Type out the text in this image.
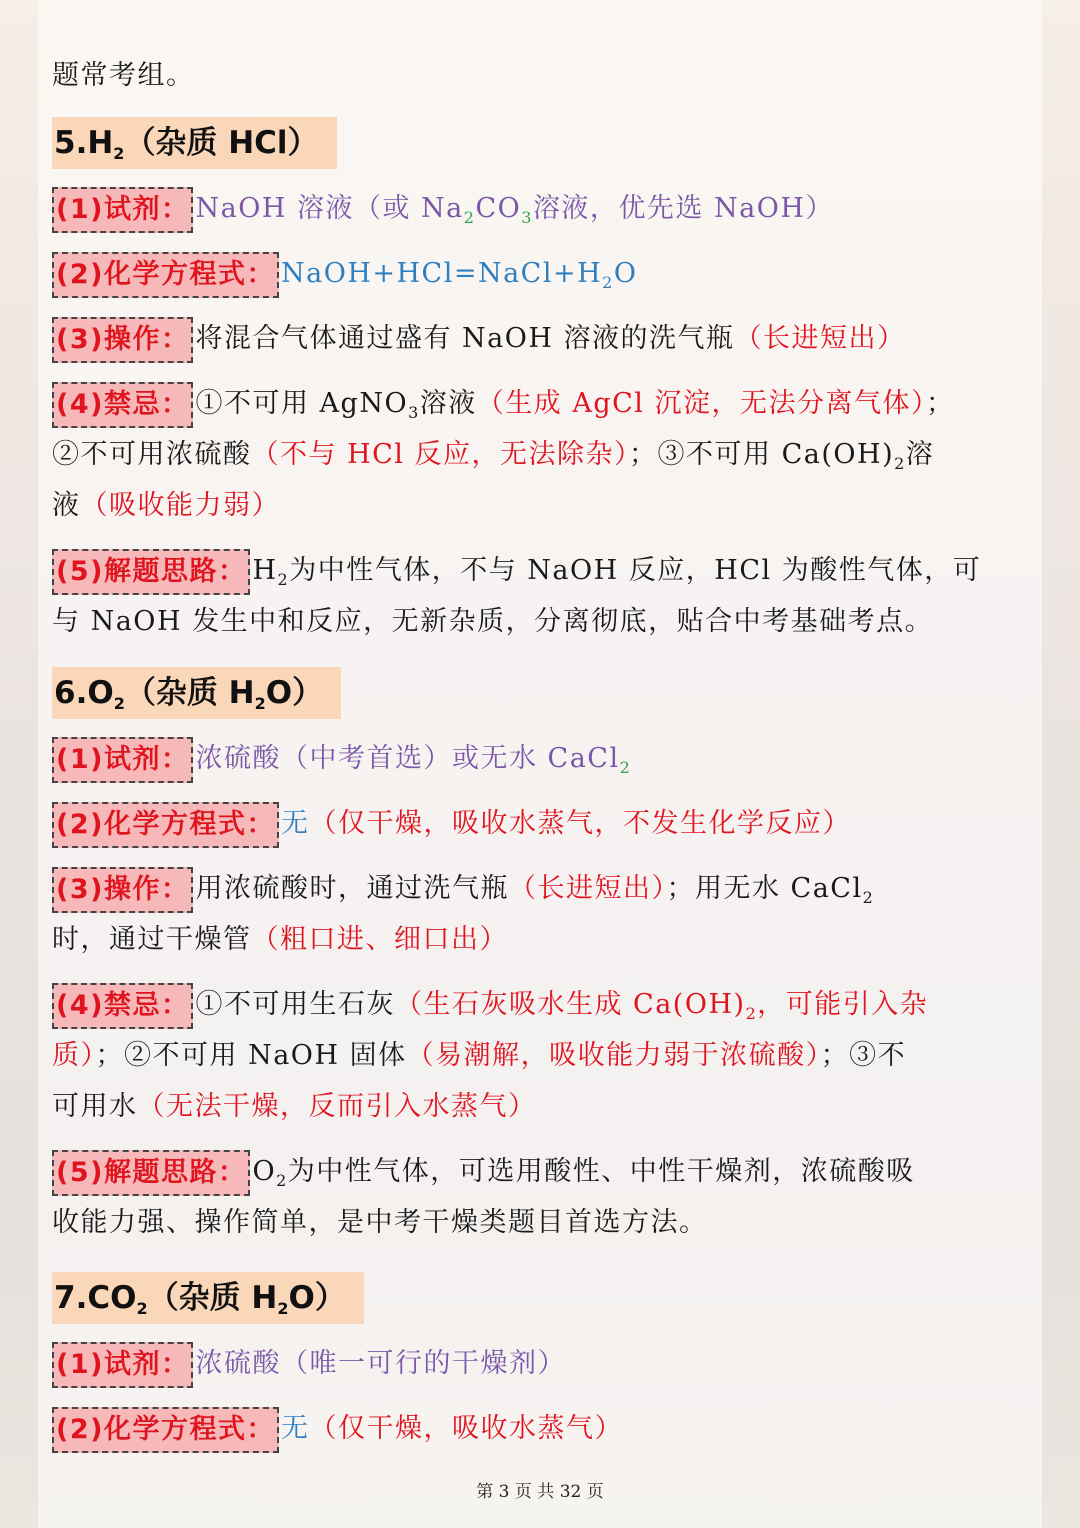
题常考组。
$5.H_2$（杂质 HCl）
(1)试剂： NaOH 溶液（或 $Na_2CO_3$溶液，优先选 NaOH）
(2)化学方程式： $NaOH+HCl=NaCl+H_2O$
(3)操作： 将混合气体通过盛有 NaOH 溶液的洗气瓶（长进短出）
(4)禁忌： ①不可用 AgNO$_3$溶液（生成 AgCl 沉淀，无法分离气体）；
②不可用浓硫酸（不与 HCl 反应，无法除杂）；③不可用 $Ca(OH)_2$溶
液（吸收能力弱）
(5)解题思路： $H_2$为中性气体，不与 NaOH 反应，HCl 为酸性气体，可
与 NaOH 发生中和反应，无新杂质，分离彻底，贴合中考基础考点。
$6.O_2$（杂质 $H_2O$）
(1)试剂： 浓硫酸（中考首选）或无水 CaCl$_2$
(2)化学方程式： 无（仅干燥，吸收水蒸气，不发生化学反应）
(3)操作： 用浓硫酸时，通过洗气瓶（长进短出）；用无水 CaCl$_2$
时，通过干燥管（粗口进、细口出）
(4)禁忌： ①不可用生石灰（生石灰吸水生成 $Ca(OH)_2$，可能引入杂
质）；②不可用 NaOH 固体（易潮解，吸收能力弱于浓硫酸）；③不
可用水（无法干燥，反而引入水蒸气）
(5)解题思路： $O_2$为中性气体，可选用酸性、中性干燥剂，浓硫酸吸
收能力强、操作简单，是中考干燥类题目首选方法。
$7.CO_2$（杂质 $H_2O$）
(1)试剂： 浓硫酸（唯一可行的干燥剂）
(2)化学方程式： 无（仅干燥，吸收水蒸气）
第 3 页 共 32 页
